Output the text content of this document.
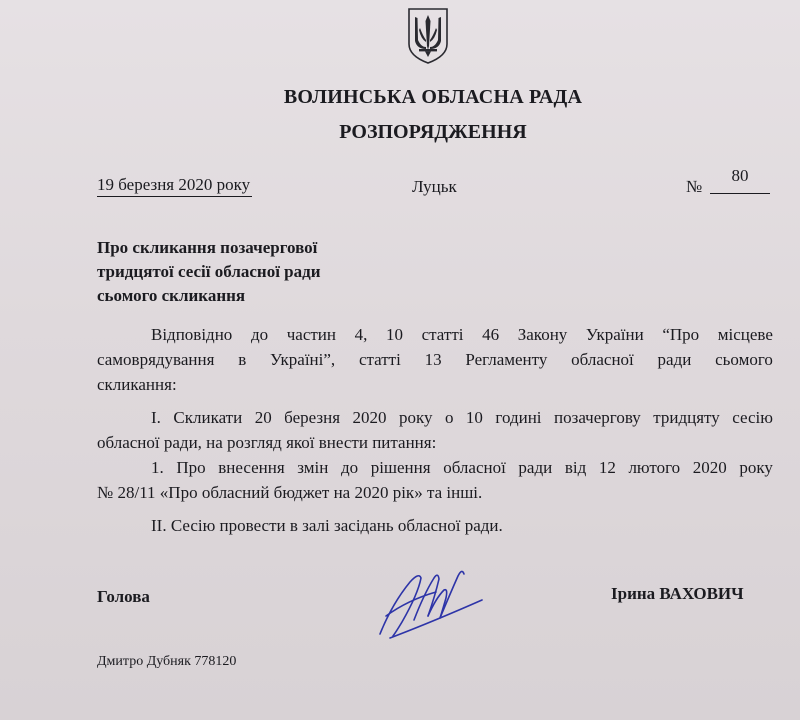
ВОЛИНСЬКА ОБЛАСНА РАДА
РОЗПОРЯДЖЕННЯ
19 березня 2020 року	Луцьк	№
80
Про скликання позачергової
тридцятої сесії обласної ради
сьомого скликання
Відповідно до частин 4, 10 статті 46 Закону України “Про місцеве
самоврядування в Україні”, статті 13 Регламенту обласної ради сьомого
скликання:
І. Скликати 20 березня 2020 року о 10 годині позачергову тридцяту сесію
обласної ради, на розгляд якої внести питання:
1. Про внесення змін до рішення обласної ради від 12 лютого 2020 року
№ 28/11 «Про обласний бюджет на 2020 рік» та інші.
ІІ. Сесію провести в залі засідань обласної ради.
Голова	Ірина ВАХОВИЧ
Дмитро Дубняк 778120
